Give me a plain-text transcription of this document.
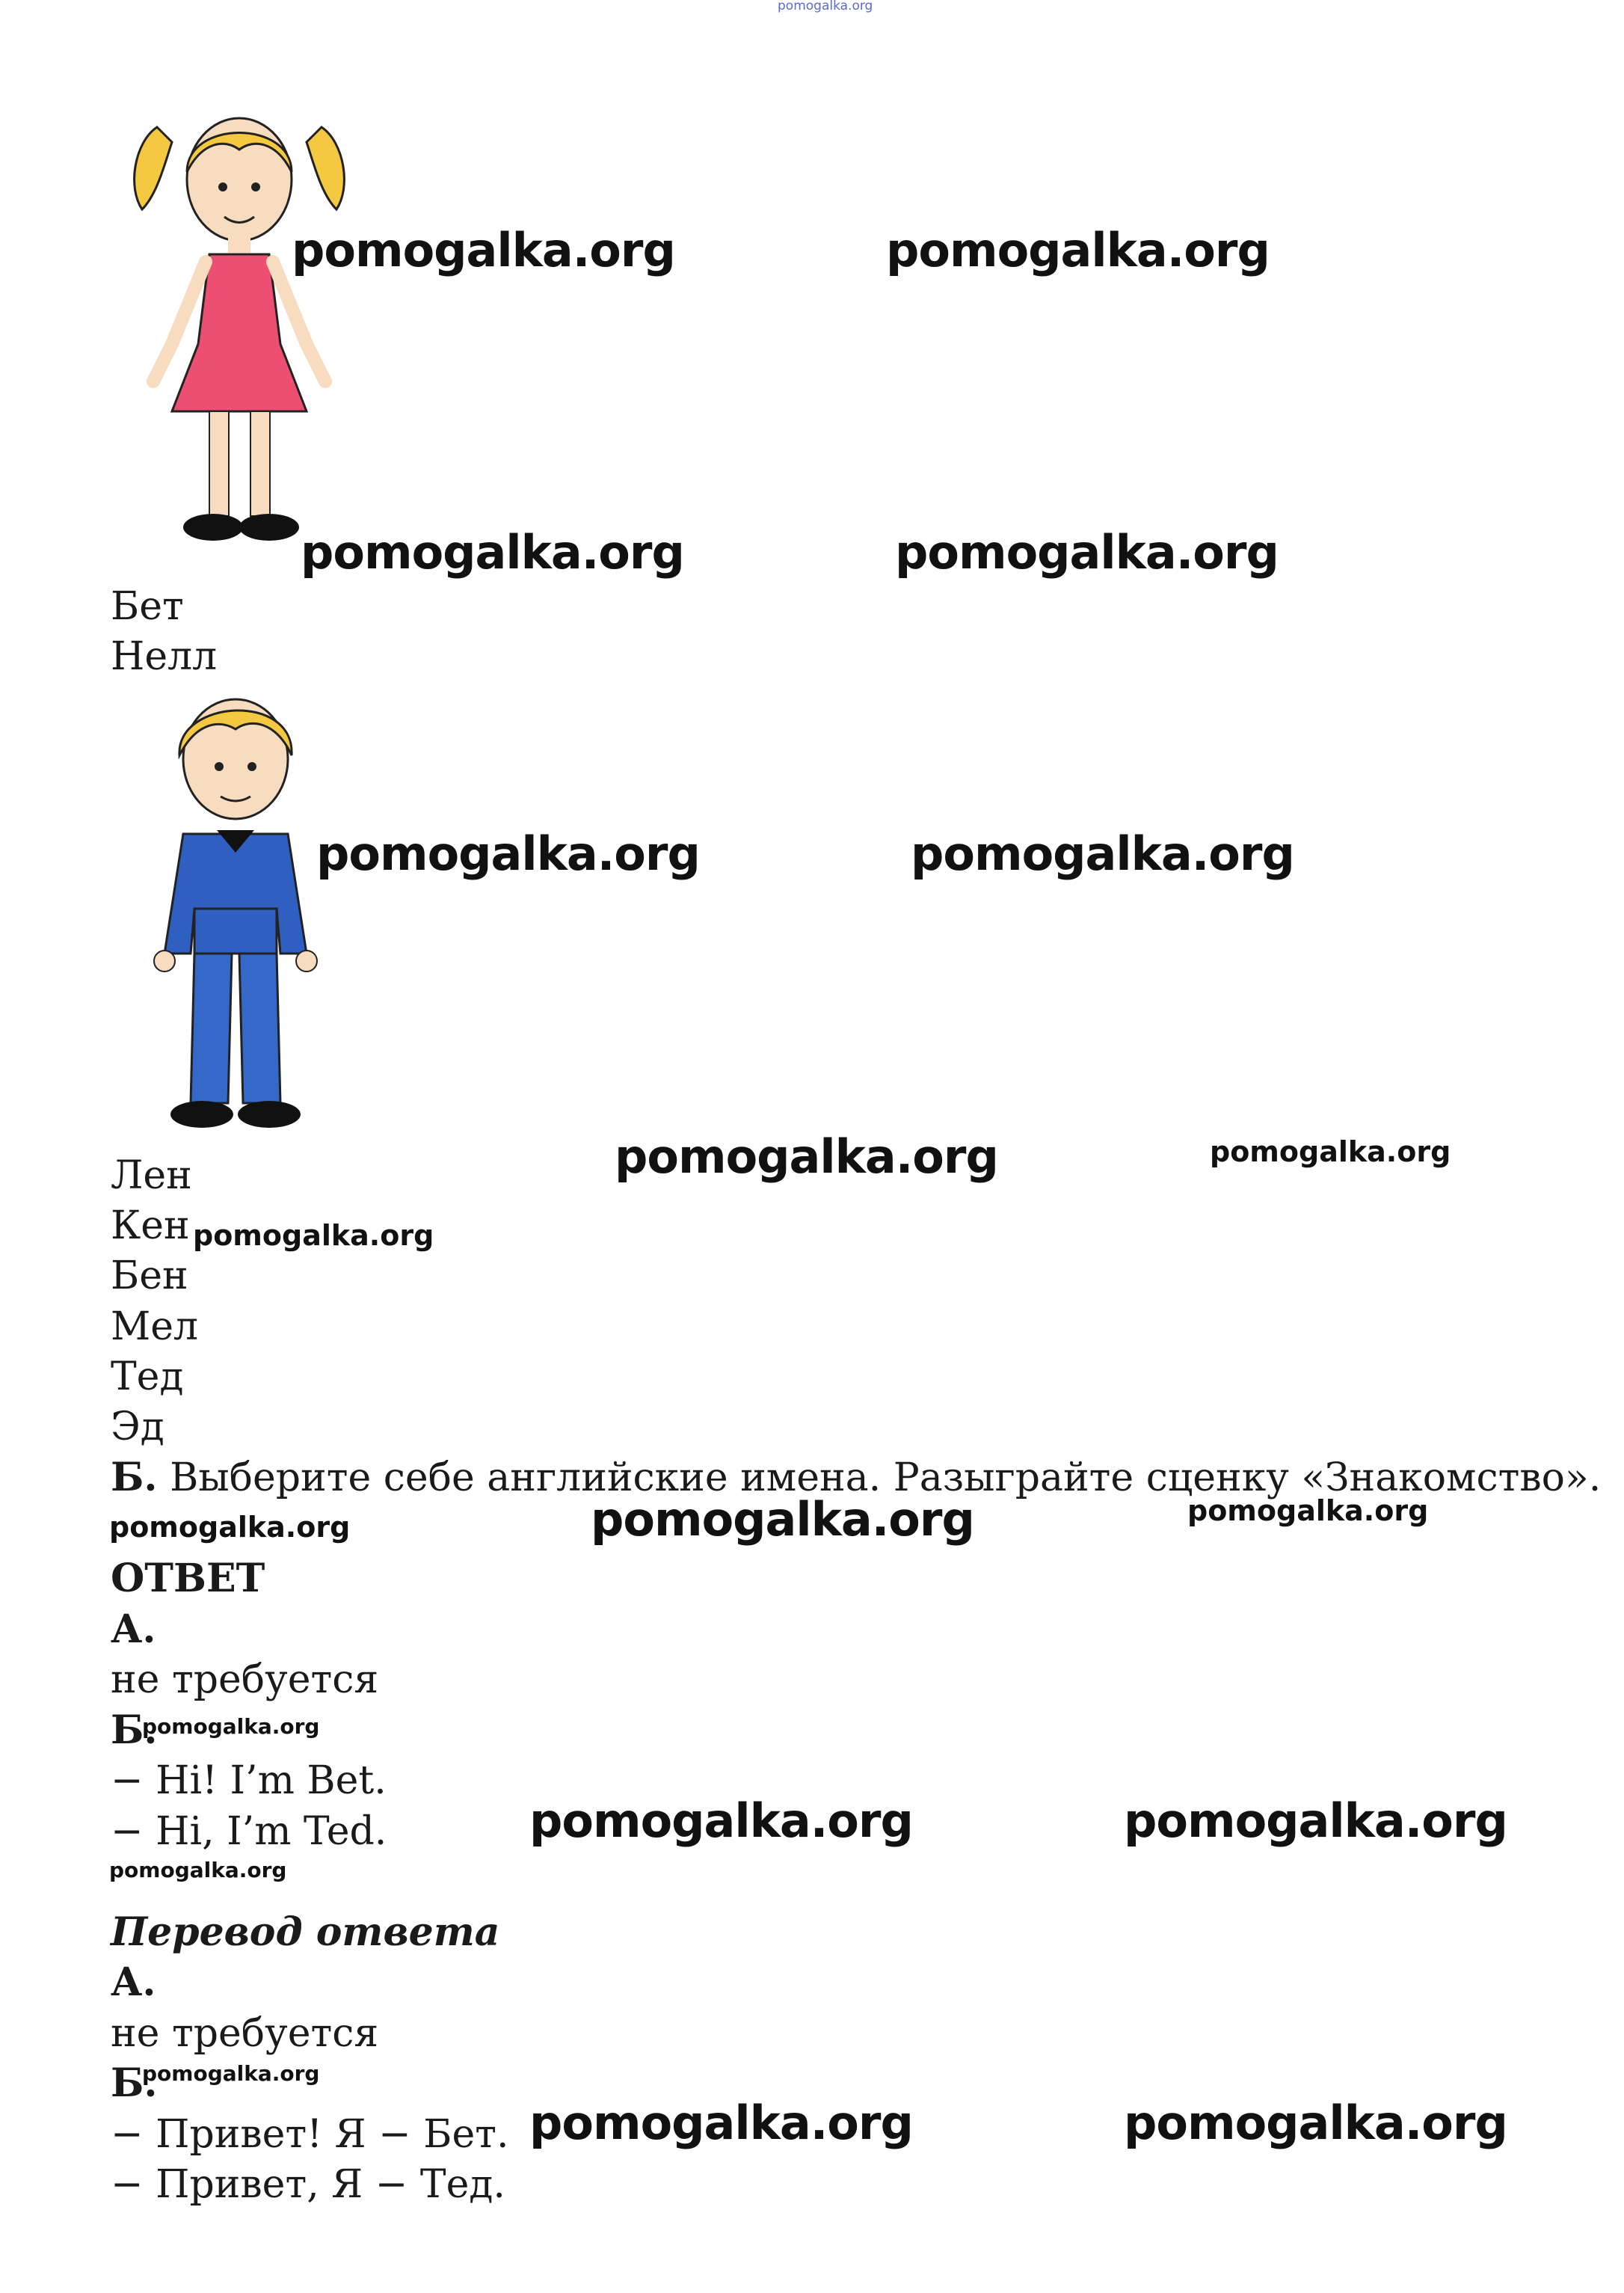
pomogalka.org
pomogalka.org	pomogalka.org
pomogalka.org	pomogalka.org
pomogalka.org	pomogalka.org
pomogalka.org
pomogalka.org
pomogalka.org	pomogalka.org
pomogalka.org	pomogalka.org
pomogalka.org
pomogalka.org
pomogalka.org	pomogalka.org
pomogalka.org
pomogalka.org
pomogalka.org
Бет
Нелл
Лен
Кен
Бен
Мел
Тед
Эд
Б. Выберите себе английские имена. Разыграйте сценку «Знакомство».
ОТВЕТ
А.
не требуется
Б.
− Hi! I’m Bet.
− Hi, I’m Ted.
Перевод ответа
А.
не требуется
Б.
− Привет! Я − Бет.
− Привет, Я − Тед.
